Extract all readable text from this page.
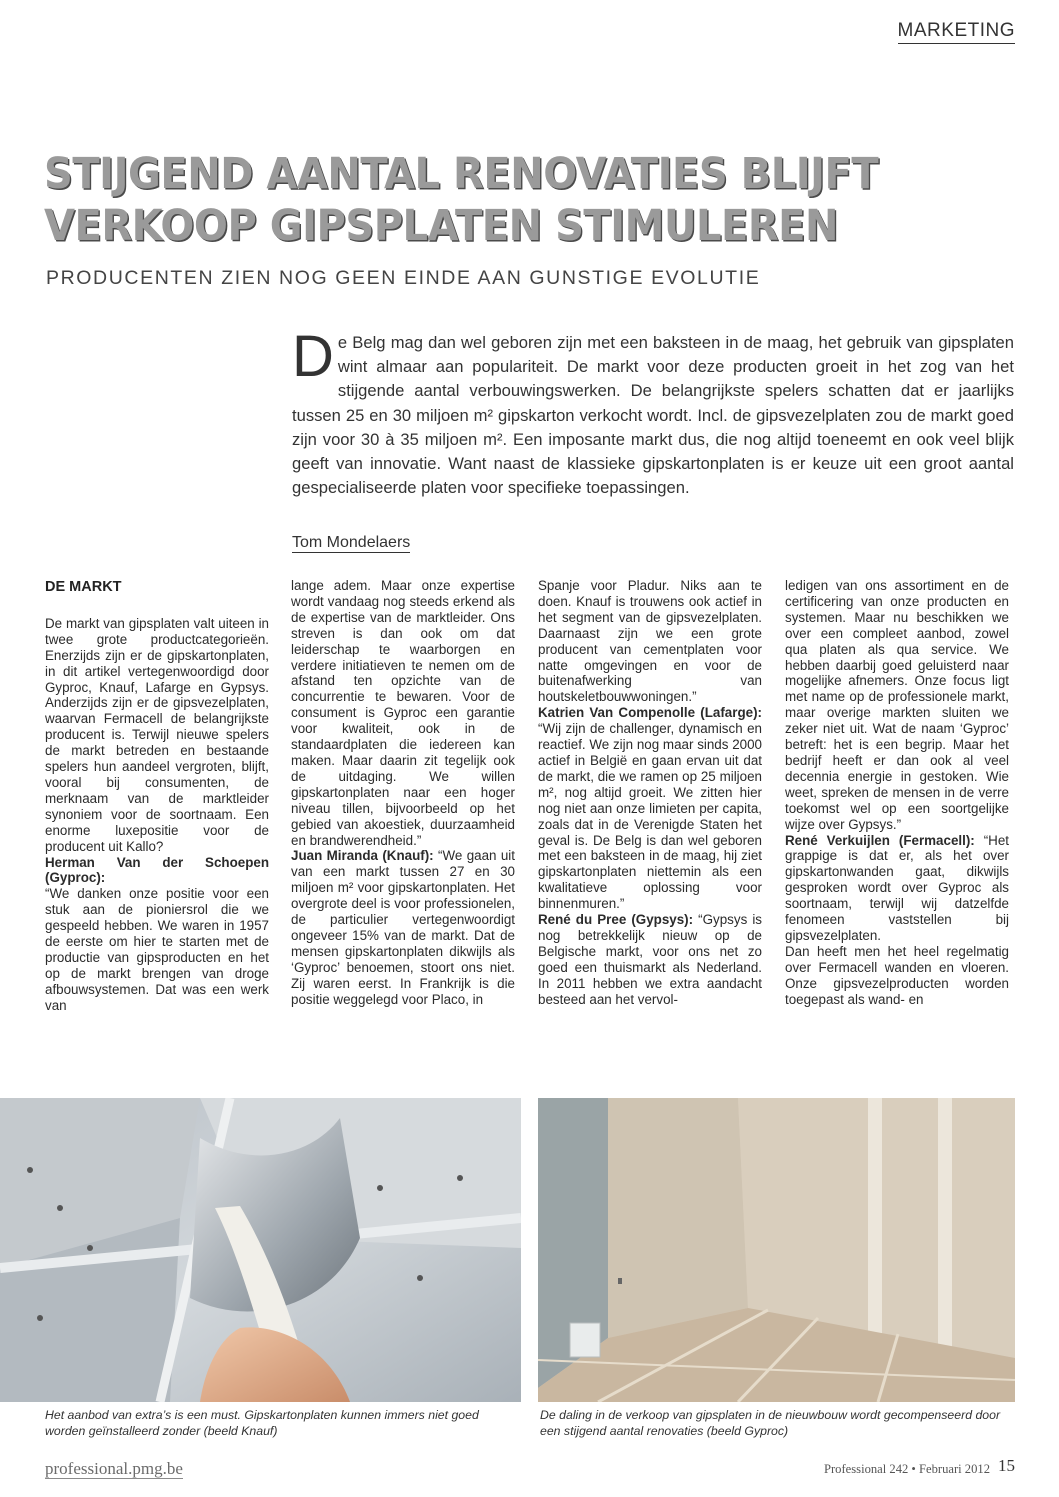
MARKETING
STIJGEND AANTAL RENOVATIES BLIJFT
VERKOOP GIPSPLATEN STIMULEREN
PRODUCENTEN ZIEN NOG GEEN EINDE AAN GUNSTIGE EVOLUTIE

De Belg mag dan wel geboren zijn met een baksteen in de maag, het gebruik van gipsplaten wint almaar aan populariteit. De markt voor deze producten groeit in het zog van het stijgende aantal verbouwingswerken. De belangrijkste spelers schatten dat er jaarlijks tussen 25 en 30 miljoen m² gipskarton verkocht wordt. Incl. de gipsvezelplaten zou de markt goed zijn voor 30 à 35 miljoen m². Een imposante markt dus, die nog altijd toeneemt en ook veel blijk geeft van innovatie. Want naast de klassieke gipskartonplaten is er keuze uit een groot aantal gespecialiseerde platen voor specifieke toepassingen.

Tom Mondelaers
DE MARKT

De markt van gipsplaten valt uiteen in twee grote productcategorieën. Enerzijds zijn er de gipskartonplaten, in dit artikel vertegenwoordigd door Gyproc, Knauf, Lafarge en Gypsys. Anderzijds zijn er de gipsvezelplaten, waarvan Fermacell de belangrijkste producent is. Terwijl nieuwe spelers de markt betreden en bestaande spelers hun aandeel vergroten, blijft, vooral bij consumenten, de merknaam van de marktleider synoniem voor de soortnaam. Een enorme luxepositie voor de producent uit Kallo?

Herman Van der Schoepen (Gyproc):
“We danken onze positie voor een stuk aan de pioniersrol die we gespeeld hebben. We waren in 1957 de eerste om hier te starten met de productie van gipsproducten en het op de markt brengen van droge afbouwsystemen. Dat was een werk van

lange adem. Maar onze expertise wordt vandaag nog steeds erkend als de expertise van de marktleider. Ons streven is dan ook om dat leiderschap te waarborgen en verdere initiatieven te nemen om de afstand ten opzichte van de concurrentie te bewaren. Voor de consument is Gyproc een garantie voor kwaliteit, ook in de standaardplaten die iedereen kan maken. Maar daarin zit tegelijk ook de uitdaging. We willen gipskartonplaten naar een hoger niveau tillen, bijvoorbeeld op het gebied van akoestiek, duurzaamheid en brandwerendheid.”

Juan Miranda (Knauf): “We gaan uit van een markt tussen 27 en 30 miljoen m² voor gipskartonplaten. Het overgrote deel is voor professionelen, de particulier vertegenwoordigt ongeveer 15% van de markt. Dat de mensen gipskartonplaten dikwijls als ‘Gyproc’ benoemen, stoort ons niet. Zij waren eerst. In Frankrijk is die positie weggelegd voor Placo, in

Spanje voor Pladur. Niks aan te doen. Knauf is trouwens ook actief in het segment van de gipsvezelplaten. Daarnaast zijn we een grote producent van cementplaten voor natte omgevingen en voor de buitenafwerking van houtskeletbouwwoningen.”

Katrien Van Compenolle (Lafarge): “Wij zijn de challenger, dynamisch en reactief. We zijn nog maar sinds 2000 actief in België en gaan ervan uit dat de markt, die we ramen op 25 miljoen m², nog altijd groeit. We zitten hier nog niet aan onze limieten per capita, zoals dat in de Verenigde Staten het geval is. De Belg is dan wel geboren met een baksteen in de maag, hij ziet gipskartonplaten niettemin als een kwalitatieve oplossing voor binnenmuren.”

René du Pree (Gypsys): “Gypsys is nog betrekkelijk nieuw op de Belgische markt, voor ons net zo goed een thuismarkt als Nederland. In 2011 hebben we extra aandacht besteed aan het vervol-

ledigen van ons assortiment en de certificering van onze producten en systemen. Maar nu beschikken we over een compleet aanbod, zowel qua platen als qua service. We hebben daarbij goed geluisterd naar mogelijke afnemers. Onze focus ligt met name op de professionele markt, maar overige markten sluiten we zeker niet uit. Wat de naam ‘Gyproc’ betreft: het is een begrip. Maar het bedrijf heeft er dan ook al veel decennia energie in gestoken. Wie weet, spreken de mensen in de verre toekomst wel op een soortgelijke wijze over Gypsys.”

René Verkuijlen (Fermacell): “Het grappige is dat er, als het over gipskartonwanden gaat, dikwijls gesproken wordt over Gyproc als soortnaam, terwijl wij datzelfde fenomeen vaststellen bij gipsvezelplaten.

Dan heeft men het heel regelmatig over Fermacell wanden en vloeren. Onze gipsvezelproducten worden toegepast als wand- en

Het aanbod van extra’s is een must. Gipskartonplaten kunnen immers niet goed worden geïnstalleerd zonder (beeld Knauf)
De daling in de verkoop van gipsplaten in de nieuwbouw wordt gecompenseerd door een stijgend aantal renovaties (beeld Gyproc)
professional.pmg.be	Professional 242 • Februari 2012 15
